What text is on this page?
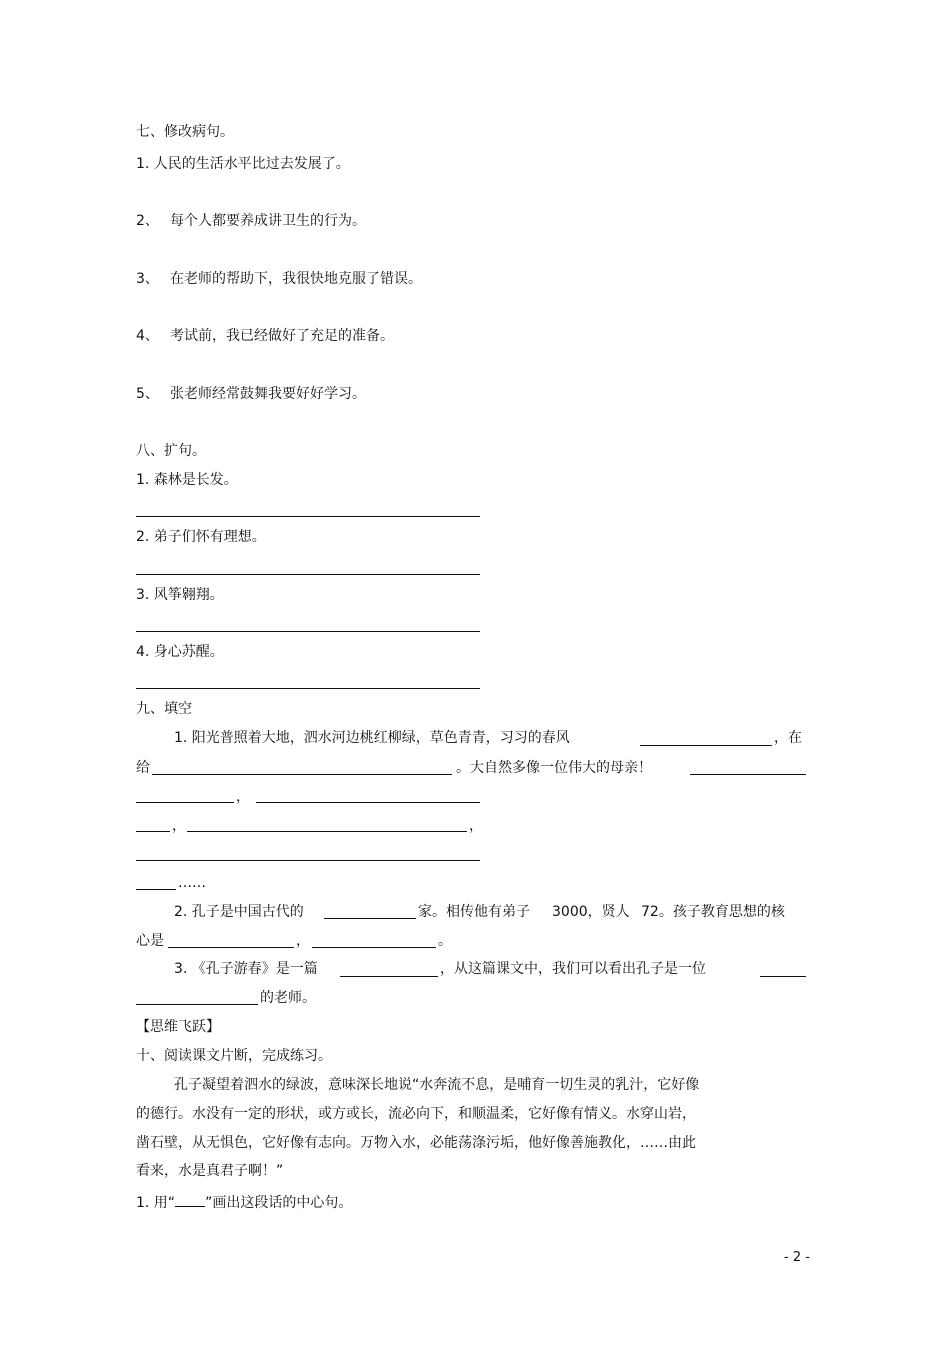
七、修改病句。
1. 人民的生活水平比过去发展了。
2、 每个人都要养成讲卫生的行为。
3、 在老师的帮助下，我很快地克服了错误。
4、 考试前，我已经做好了充足的准备。
5、 张老师经常鼓舞我要好好学习。
八、扩句。
1. 森林是长发。
2. 弟子们怀有理想。
3. 风筝翱翔。
4. 身心苏醒。
九、填空
1. 阳光普照着大地，泗水河边桃红柳绿，草色青青，习习的春风	，在
给	。大自然多像一位伟大的母亲！
，
，	，
……
2. 孔子是中国古代的	家。相传他有弟子 3000，贤人 72。孩子教育思想的核
心是	，	。
3. 《孔子游春》是一篇	，从这篇课文中，我们可以看出孔子是一位
的老师。
【思维飞跃】
十、阅读课文片断，完成练习。
孔子凝望着泗水的绿波，意味深长地说“水奔流不息，是哺育一切生灵的乳汁，它好像
的德行。水没有一定的形状，或方或长，流必向下，和顺温柔，它好像有情义。水穿山岩，
凿石壁，从无惧色，它好像有志向。万物入水，必能荡涤污垢，他好像善施教化，……由此
看来，水是真君子啊！”
1. 用“ ”画出这段话的中心句。
- 2 -
